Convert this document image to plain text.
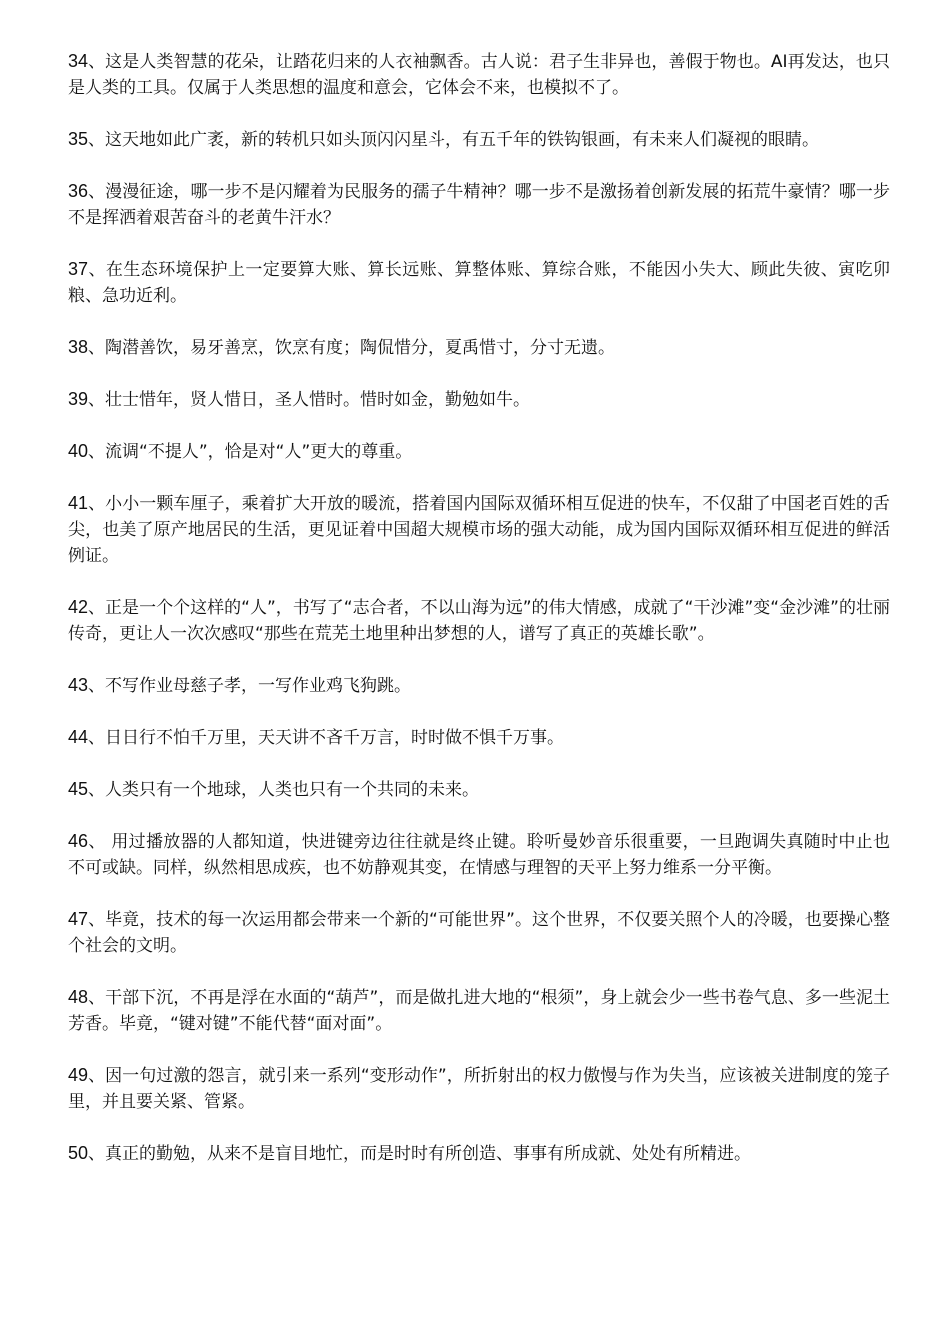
34、这是人类智慧的花朵，让踏花归来的人衣袖飘香。古人说：君子生非异也，善假于物也。AI再发达，也只是人类的工具。仅属于人类思想的温度和意会，它体会不来，也模拟不了。

35、这天地如此广袤，新的转机只如头顶闪闪星斗，有五千年的铁钩银画，有未来人们凝视的眼睛。

36、漫漫征途，哪一步不是闪耀着为民服务的孺子牛精神？哪一步不是激扬着创新发展的拓荒牛豪情？哪一步不是挥洒着艰苦奋斗的老黄牛汗水？

37、在生态环境保护上一定要算大账、算长远账、算整体账、算综合账，不能因小失大、顾此失彼、寅吃卯粮、急功近利。

38、陶潜善饮，易牙善烹，饮烹有度；陶侃惜分，夏禹惜寸，分寸无遗。

39、壮士惜年，贤人惜日，圣人惜时。惜时如金，勤勉如牛。

40、流调“不提人”，恰是对“人”更大的尊重。

41、小小一颗车厘子，乘着扩大开放的暖流，搭着国内国际双循环相互促进的快车，不仅甜了中国老百姓的舌尖，也美了原产地居民的生活，更见证着中国超大规模市场的强大动能，成为国内国际双循环相互促进的鲜活例证。

42、正是一个个这样的“人”，书写了“志合者，不以山海为远”的伟大情感，成就了“干沙滩”变“金沙滩”的壮丽传奇，更让人一次次感叹“那些在荒芜土地里种出梦想的人，谱写了真正的英雄长歌”。

43、不写作业母慈子孝，一写作业鸡飞狗跳。

44、日日行不怕千万里，天天讲不吝千万言，时时做不惧千万事。

45、人类只有一个地球，人类也只有一个共同的未来。

46、 用过播放器的人都知道，快进键旁边往往就是终止键。聆听曼妙音乐很重要，一旦跑调失真随时中止也不可或缺。同样，纵然相思成疾，也不妨静观其变，在情感与理智的天平上努力维系一分平衡。

47、毕竟，技术的每一次运用都会带来一个新的“可能世界”。这个世界，不仅要关照个人的冷暖，也要操心整个社会的文明。

48、干部下沉，不再是浮在水面的“葫芦”，而是做扎进大地的“根须”，身上就会少一些书卷气息、多一些泥土芳香。毕竟，“键对键”不能代替“面对面”。

49、因一句过激的怨言，就引来一系列“变形动作”，所折射出的权力傲慢与作为失当，应该被关进制度的笼子里，并且要关紧、管紧。

50、真正的勤勉，从来不是盲目地忙，而是时时有所创造、事事有所成就、处处有所精进。
